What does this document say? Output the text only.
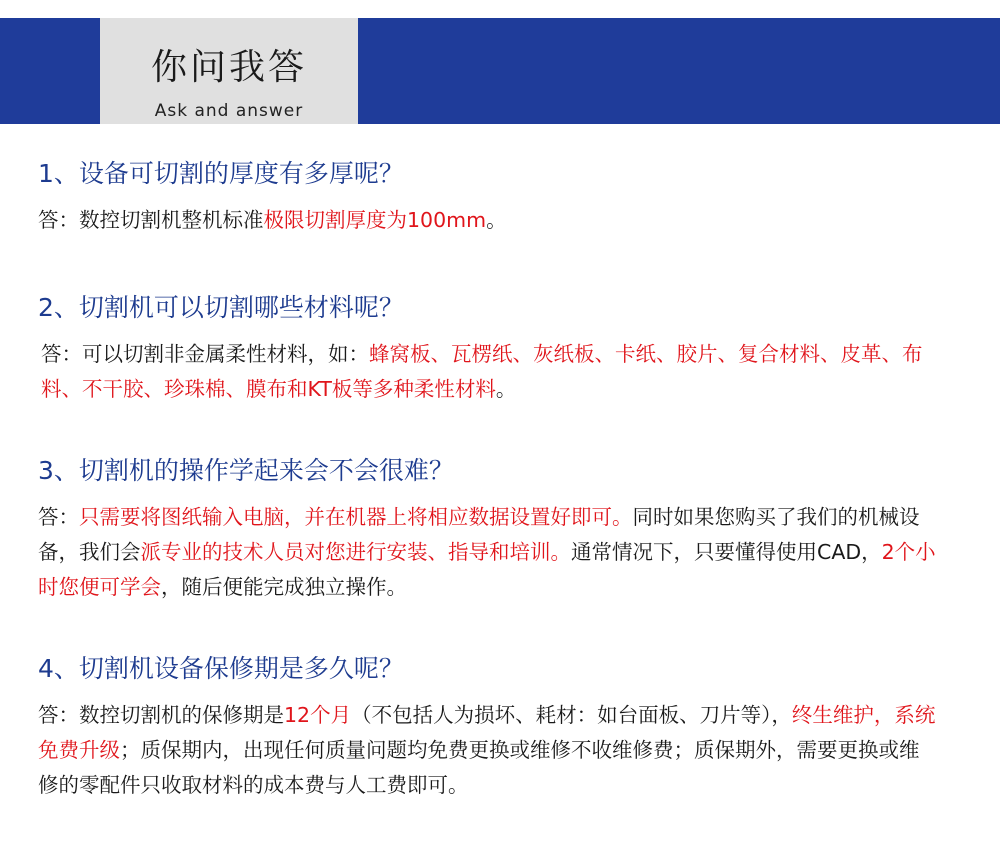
你问我答
Ask and answer

1、设备可切割的厚度有多厚呢？

答：数控切割机整机标准极限切割厚度为100mm。

2、切割机可以切割哪些材料呢？

答：可以切割非金属柔性材料，如：蜂窝板、瓦楞纸、灰纸板、卡纸、胶片、复合材料、皮革、布料、不干胶、珍珠棉、膜布和KT板等多种柔性材料。

3、切割机的操作学起来会不会很难？

答：只需要将图纸输入电脑，并在机器上将相应数据设置好即可。同时如果您购买了我们的机械设备，我们会派专业的技术人员对您进行安装、指导和培训。通常情况下，只要懂得使用CAD，2个小时您便可学会，随后便能完成独立操作。

4、切割机设备保修期是多久呢？

答：数控切割机的保修期是12个月（不包括人为损坏、耗材：如台面板、刀片等），终生维护，系统免费升级；质保期内，出现任何质量问题均免费更换或维修不收维修费；质保期外，需要更换或维修的零配件只收取材料的成本费与人工费即可。
